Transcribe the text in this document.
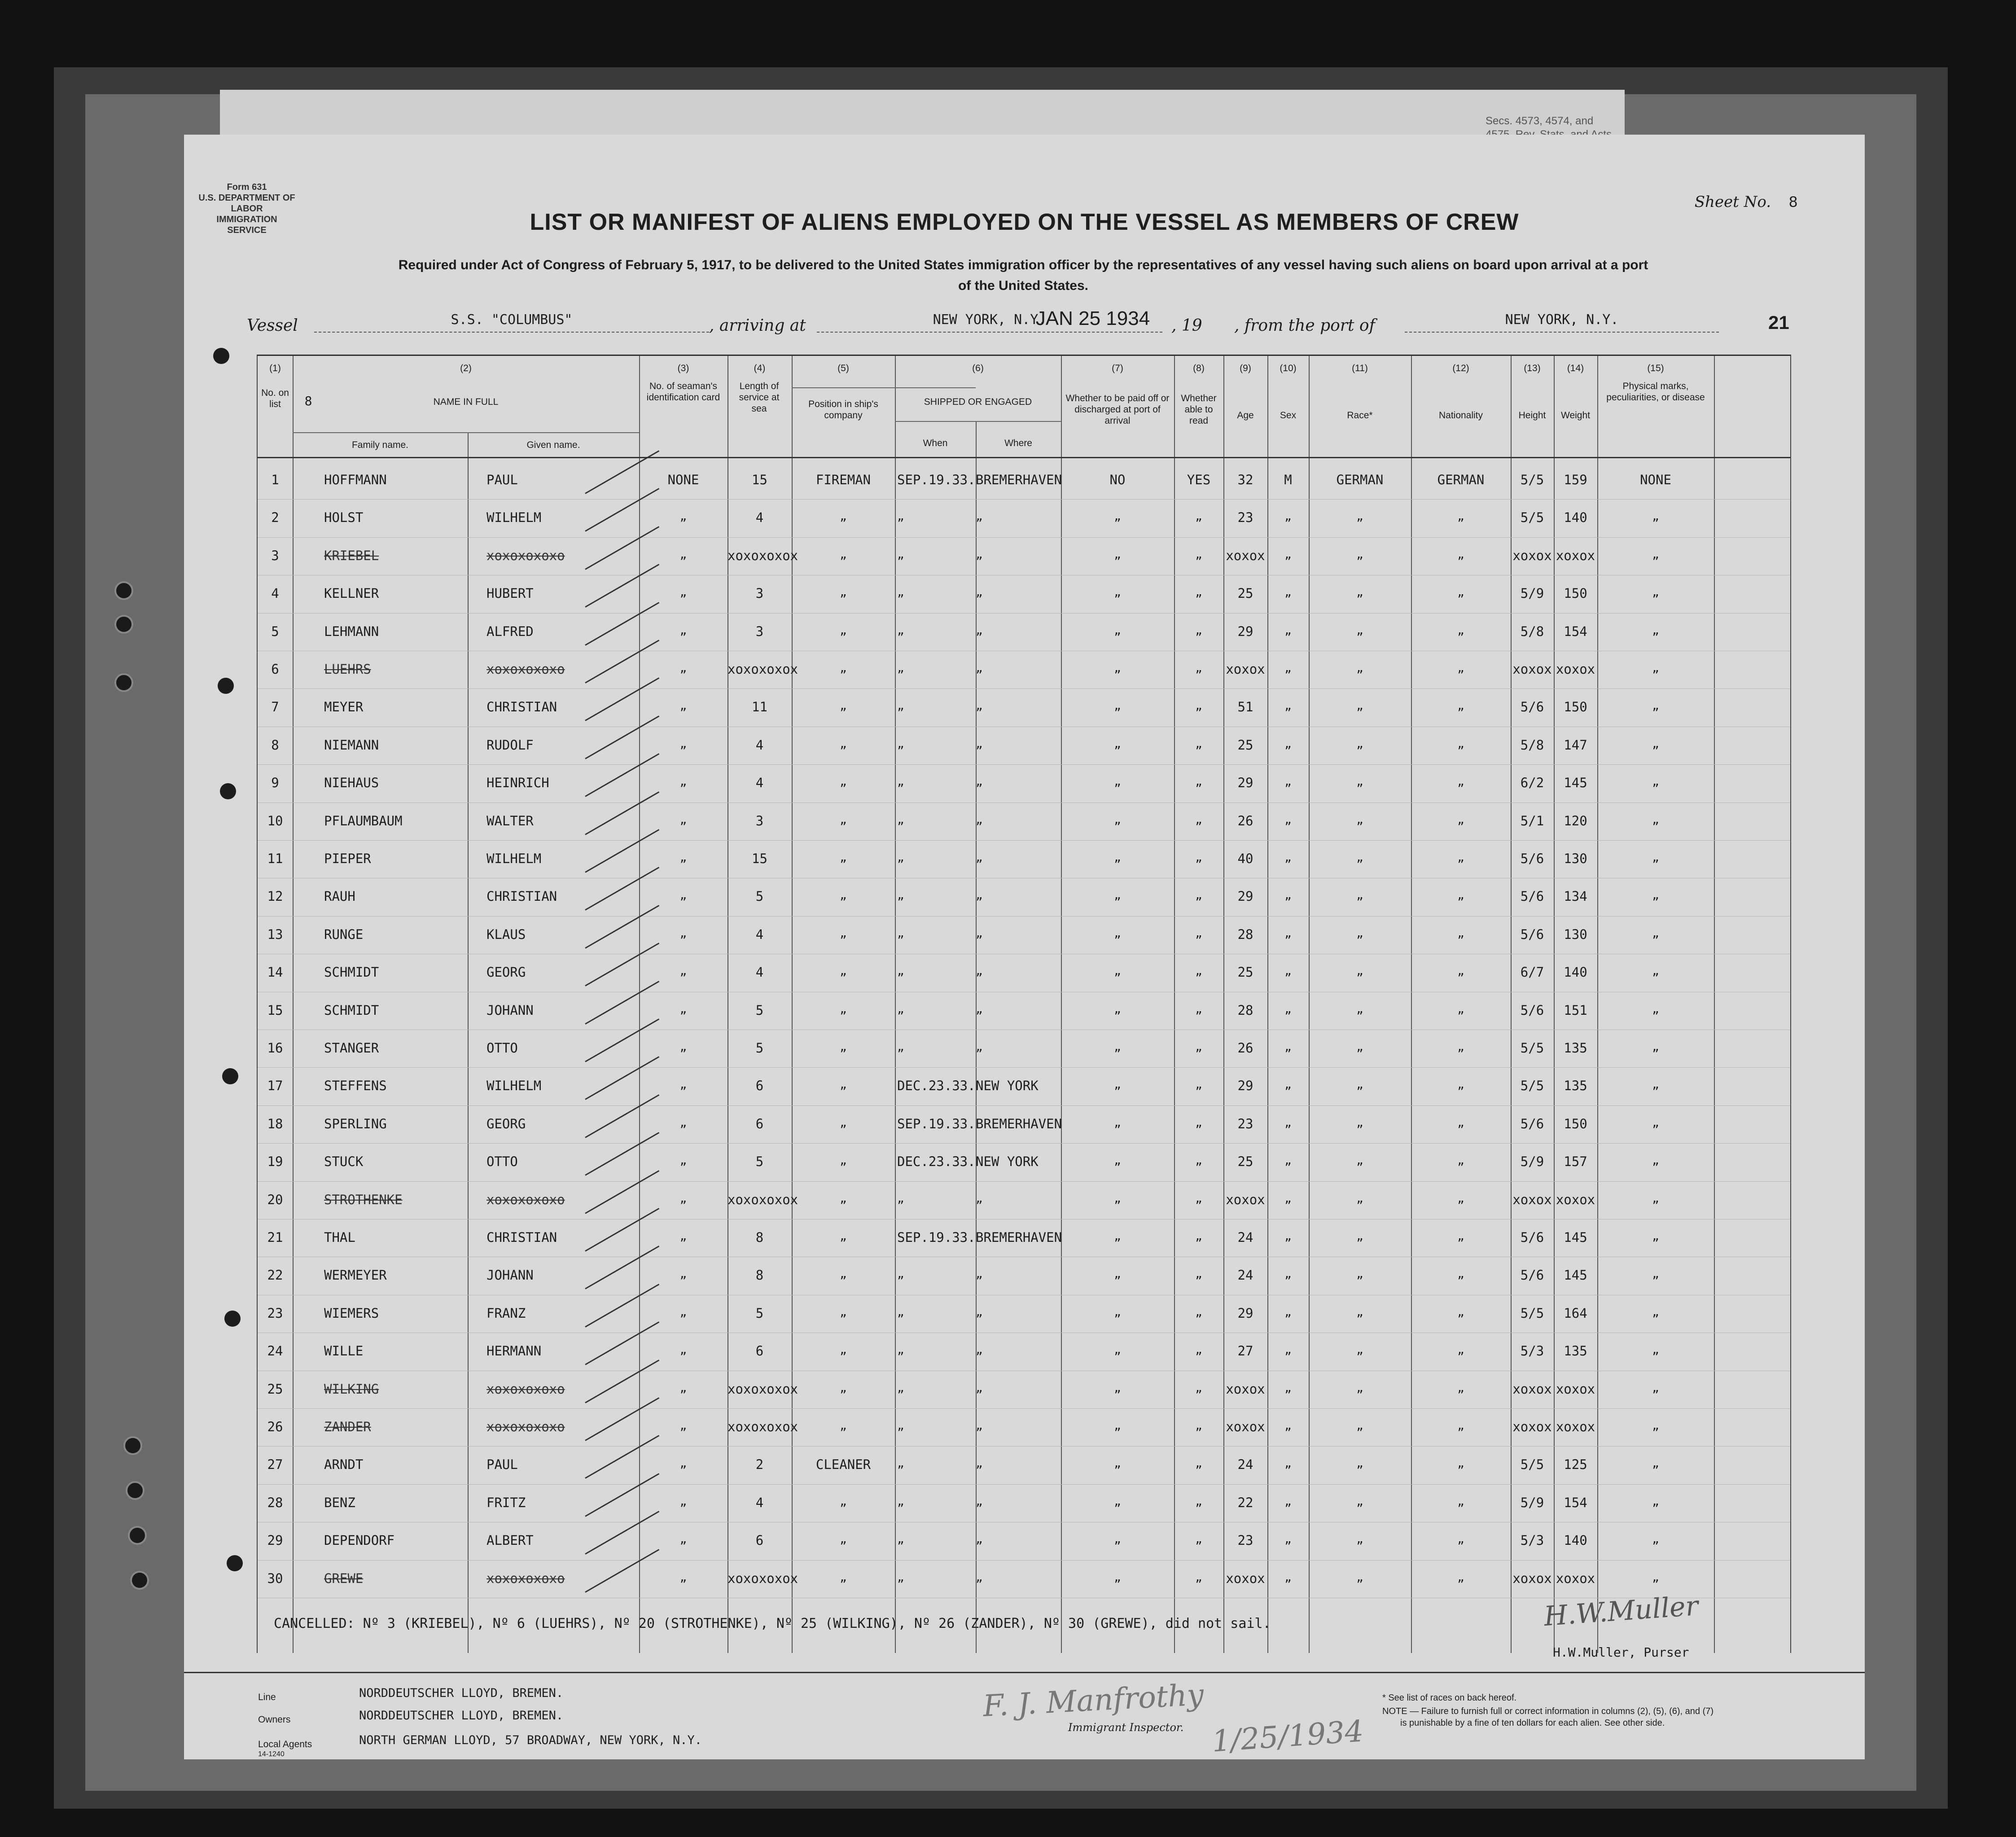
Secs. 4573, 4574, and
Form 631
U.S. DEPARTMENT OF LABOR
IMMIGRATION SERVICE
Sheet No. 8
LIST OR MANIFEST OF ALIENS EMPLOYED ON THE VESSEL AS MEMBERS OF CREW
Required under Act of Congress of February 5, 1917, to be delivered to the United States immigration officer by the representatives of any vessel having such aliens on board upon arrival at a port of the United States.
Vessel	S.S. "COLUMBUS"	, arriving at	NEW YORK, N.Y.
JAN 25 1934	, 19 , from the port of	NEW YORK, N.Y.	21
(1)
No. on list
(2)
NAME IN FULL
8
Family name.	Given name.
(3)
No. of seaman's identification card
(4)
Length of service at sea
(5)
Position in ship's company
(6)
SHIPPED OR ENGAGED
When	Where
(7)
Whether to be paid off or discharged at port of arrival
(8)
Whether able to read
(9)
Age
(10)
Sex
(11)
Race*
(12)
Nationality
(13)
Height
(14)
Weight
(15)
Physical marks, peculiarities, or disease
1	HOFFMANN	PAUL	NONE	15	FIREMAN	SEP.19.33. BREMERHAVEN	NO	YES	32	M	GERMAN	GERMAN	5/5	159	NONE
2	HOLST	WILHELM	„	4	„	„	„	„	„	23	„	„	„	5/5	140	„
3	KRIEBEL	xoxoxoxoxo	„	xoxoxoxox	„	„	„	„	„	xoxox	„	„	„	xoxox xoxox	„
4	KELLNER	HUBERT	„	3	„	„	„	„	„	25	„	„	„	5/9	150	„
5	LEHMANN	ALFRED	„	3	„	„	„	„	„	29	„	„	„	5/8	154	„
6	LUEHRS	xoxoxoxoxo	„	xoxoxoxox	„	„	„	„	„	xoxox	„	„	„	xoxox xoxox	„
7	MEYER	CHRISTIAN	„	11	„	„	„	„	„	51	„	„	„	5/6	150	„
8	NIEMANN	RUDOLF	„	4	„	„	„	„	„	25	„	„	„	5/8	147	„
9	NIEHAUS	HEINRICH	„	4	„	„	„	„	„	29	„	„	„	6/2	145	„
10	PFLAUMBAUM	WALTER	„	3	„	„	„	„	„	26	„	„	„	5/1	120	„
11	PIEPER	WILHELM	„	15	„	„	„	„	„	40	„	„	„	5/6	130	„
12	RAUH	CHRISTIAN	„	5	„	„	„	„	„	29	„	„	„	5/6	134	„
13	RUNGE	KLAUS	„	4	„	„	„	„	„	28	„	„	„	5/6	130	„
14	SCHMIDT	GEORG	„	4	„	„	„	„	„	25	„	„	„	6/7	140	„
15	SCHMIDT	JOHANN	„	5	„	„	„	„	„	28	„	„	„	5/6	151	„
16	STANGER	OTTO	„	5	„	„	„	„	„	26	„	„	„	5/5	135	„
17	STEFFENS	WILHELM	„	6	„	DEC.23.33. NEW YORK	„	„	29	„	„	„	5/5	135	„
18	SPERLING	GEORG	„	6	„	SEP.19.33. BREMERHAVEN	„	„	23	„	„	„	5/6	150	„
19	STUCK	OTTO	„	5	„	DEC.23.33. NEW YORK	„	„	25	„	„	„	5/9	157	„
20	STROTHENKE	xoxoxoxoxo	„	xoxoxoxox	„	„	„	„	„	xoxox	„	„	„	xoxox xoxox	„
21	THAL	CHRISTIAN	„	8	„	SEP.19.33. BREMERHAVEN	„	„	24	„	„	„	5/6	145	„
22	WERMEYER	JOHANN	„	8	„	„	„	„	„	24	„	„	„	5/6	145	„
23	WIEMERS	FRANZ	„	5	„	„	„	„	„	29	„	„	„	5/5	164	„
24	WILLE	HERMANN	„	6	„	„	„	„	„	27	„	„	„	5/3	135	„
25	WILKING	xoxoxoxoxo	„	xoxoxoxox	„	„	„	„	„	xoxox	„	„	„	xoxox xoxox	„
26	ZANDER	xoxoxoxoxo	„	xoxoxoxox	„	„	„	„	„	xoxox	„	„	„	xoxox xoxox	„
27	ARNDT	PAUL	„	2	CLEANER	„	„	„	„	24	„	„	„	5/5	125	„
28	BENZ	FRITZ	„	4	„	„	„	„	„	22	„	„	„	5/9	154	„
29	DEPENDORF	ALBERT	„	6	„	„	„	„	„	23	„	„	„	5/3	140	„
30	GREWE	xoxoxoxoxo	„	xoxoxoxox	„	„	„	„	„	xoxox	„	„	„	xoxox xoxox	„
CANCELLED: Nº 3 (KRIEBEL), Nº 6 (LUEHRS), Nº 20 (STROTHENKE), Nº 25 (WILKING), Nº 26 (ZANDER), Nº 30 (GREWE), did not sail.	H.W.Muller
H.W.Muller, Purser
Line	NORDDEUTSCHER LLOYD, BREMEN.
Owners	NORDDEUTSCHER LLOYD, BREMEN.
Local Agents	NORTH GERMAN LLOYD, 57 BROADWAY, NEW YORK, N.Y.
14-1240
F. J. Manfrothy
Immigrant Inspector. 1/25/1934
* See list of races on back hereof.
NOTE — Failure to furnish full or correct information in columns (2), (5), (6), and (7)
is punishable by a fine of ten dollars for each alien. See other side.
